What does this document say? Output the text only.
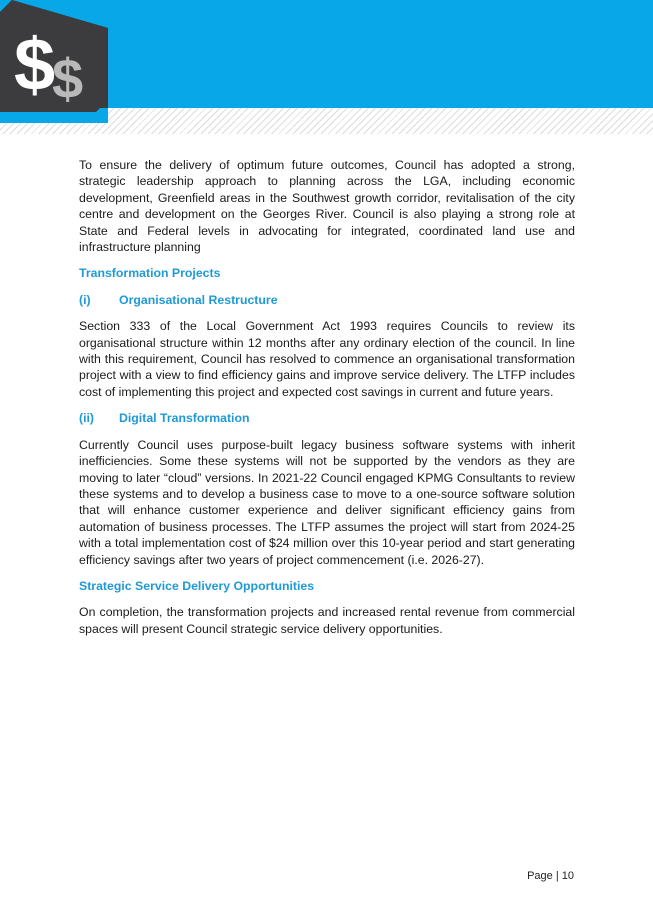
$
$

To ensure the delivery of optimum future outcomes, Council has adopted a strong, strategic leadership approach to planning across the LGA, including economic development, Greenfield areas in the Southwest growth corridor, revitalisation of the city centre and development on the Georges River. Council is also playing a strong role at State and Federal levels in advocating for integrated, coordinated land use and infrastructure planning

Transformation Projects
(i)	Organisational Restructure

Section 333 of the Local Government Act 1993 requires Councils to review its organisational structure within 12 months after any ordinary election of the council. In line with this requirement, Council has resolved to commence an organisational transformation project with a view to find efficiency gains and improve service delivery. The LTFP includes cost of implementing this project and expected cost savings in current and future years.

(ii)	Digital Transformation

Currently Council uses purpose-built legacy business software systems with inherit inefficiencies. Some these systems will not be supported by the vendors as they are moving to later “cloud” versions. In 2021-22 Council engaged KPMG Consultants to review these systems and to develop a business case to move to a one-source software solution that will enhance customer experience and deliver significant efficiency gains from automation of business processes. The LTFP assumes the project will start from 2024-25 with a total implementation cost of $24 million over this 10-year period and start generating efficiency savings after two years of project commencement (i.e. 2026-27).

Strategic Service Delivery Opportunities

On completion, the transformation projects and increased rental revenue from commercial spaces will present Council strategic service delivery opportunities.

Page | 10
